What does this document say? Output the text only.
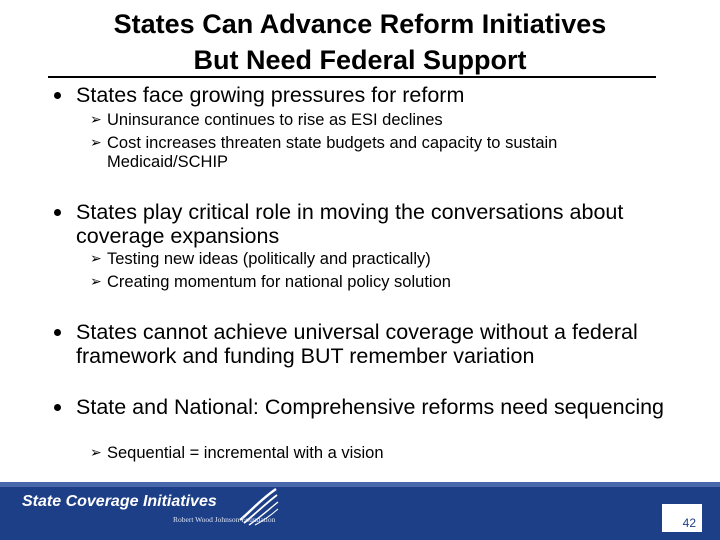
States Can Advance Reform Initiatives
But Need Federal Support
States face growing pressures for reform
➢ Uninsurance continues to rise as ESI declines
➢ Cost increases threaten state budgets and capacity to sustain Medicaid/SCHIP
States play critical role in moving the conversations about coverage expansions
➢ Testing new ideas (politically and practically)
➢ Creating momentum for national policy solution
States cannot achieve universal coverage without a federal framework and funding BUT remember variation
State and National: Comprehensive reforms need sequencing
➢ Sequential = incremental with a vision
State Coverage Initiatives
Robert Wood Johnson Foundation	42
